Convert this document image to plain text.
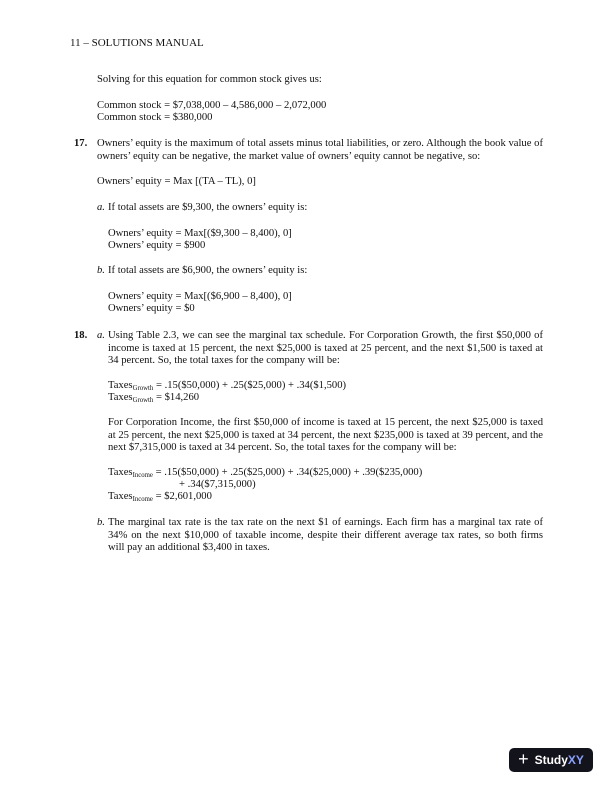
11 – SOLUTIONS MANUAL
Solving for this equation for common stock gives us:
Common stock = $7,038,000 – 4,586,000 – 2,072,000
Common stock = $380,000
17. Owners’ equity is the maximum of total assets minus total liabilities, or zero. Although the book value of owners’ equity can be negative, the market value of owners’ equity cannot be negative, so:
Owners’ equity = Max [(TA – TL), 0]
a. If total assets are $9,300, the owners’ equity is:
Owners’ equity = Max[($9,300 – 8,400), 0]
Owners’ equity = $900
b. If total assets are $6,900, the owners’ equity is:
Owners’ equity = Max[($6,900 – 8,400), 0]
Owners’ equity = $0
18. a. Using Table 2.3, we can see the marginal tax schedule. For Corporation Growth, the first $50,000 of income is taxed at 15 percent, the next $25,000 is taxed at 25 percent, and the next $1,500 is taxed at 34 percent. So, the total taxes for the company will be:
Taxes$_{Growth}$ = .15($50,000) + .25($25,000) + .34($1,500)
Taxes$_{Growth}$ = $14,260
For Corporation Income, the first $50,000 of income is taxed at 15 percent, the next $25,000 is taxed at 25 percent, the next $25,000 is taxed at 34 percent, the next $235,000 is taxed at 39 percent, and the next $7,315,000 is taxed at 34 percent. So, the total taxes for the company will be:
Taxes$_{Income}$ = .15($50,000) + .25($25,000) + .34($25,000) + .39($235,000)
+ .34($7,315,000)
Taxes$_{Income}$ = $2,601,000
b. The marginal tax rate is the tax rate on the next $1 of earnings. Each firm has a marginal tax rate of 34% on the next $10,000 of taxable income, despite their different average tax rates, so both firms will pay an additional $3,400 in taxes.
+ StudyXY
